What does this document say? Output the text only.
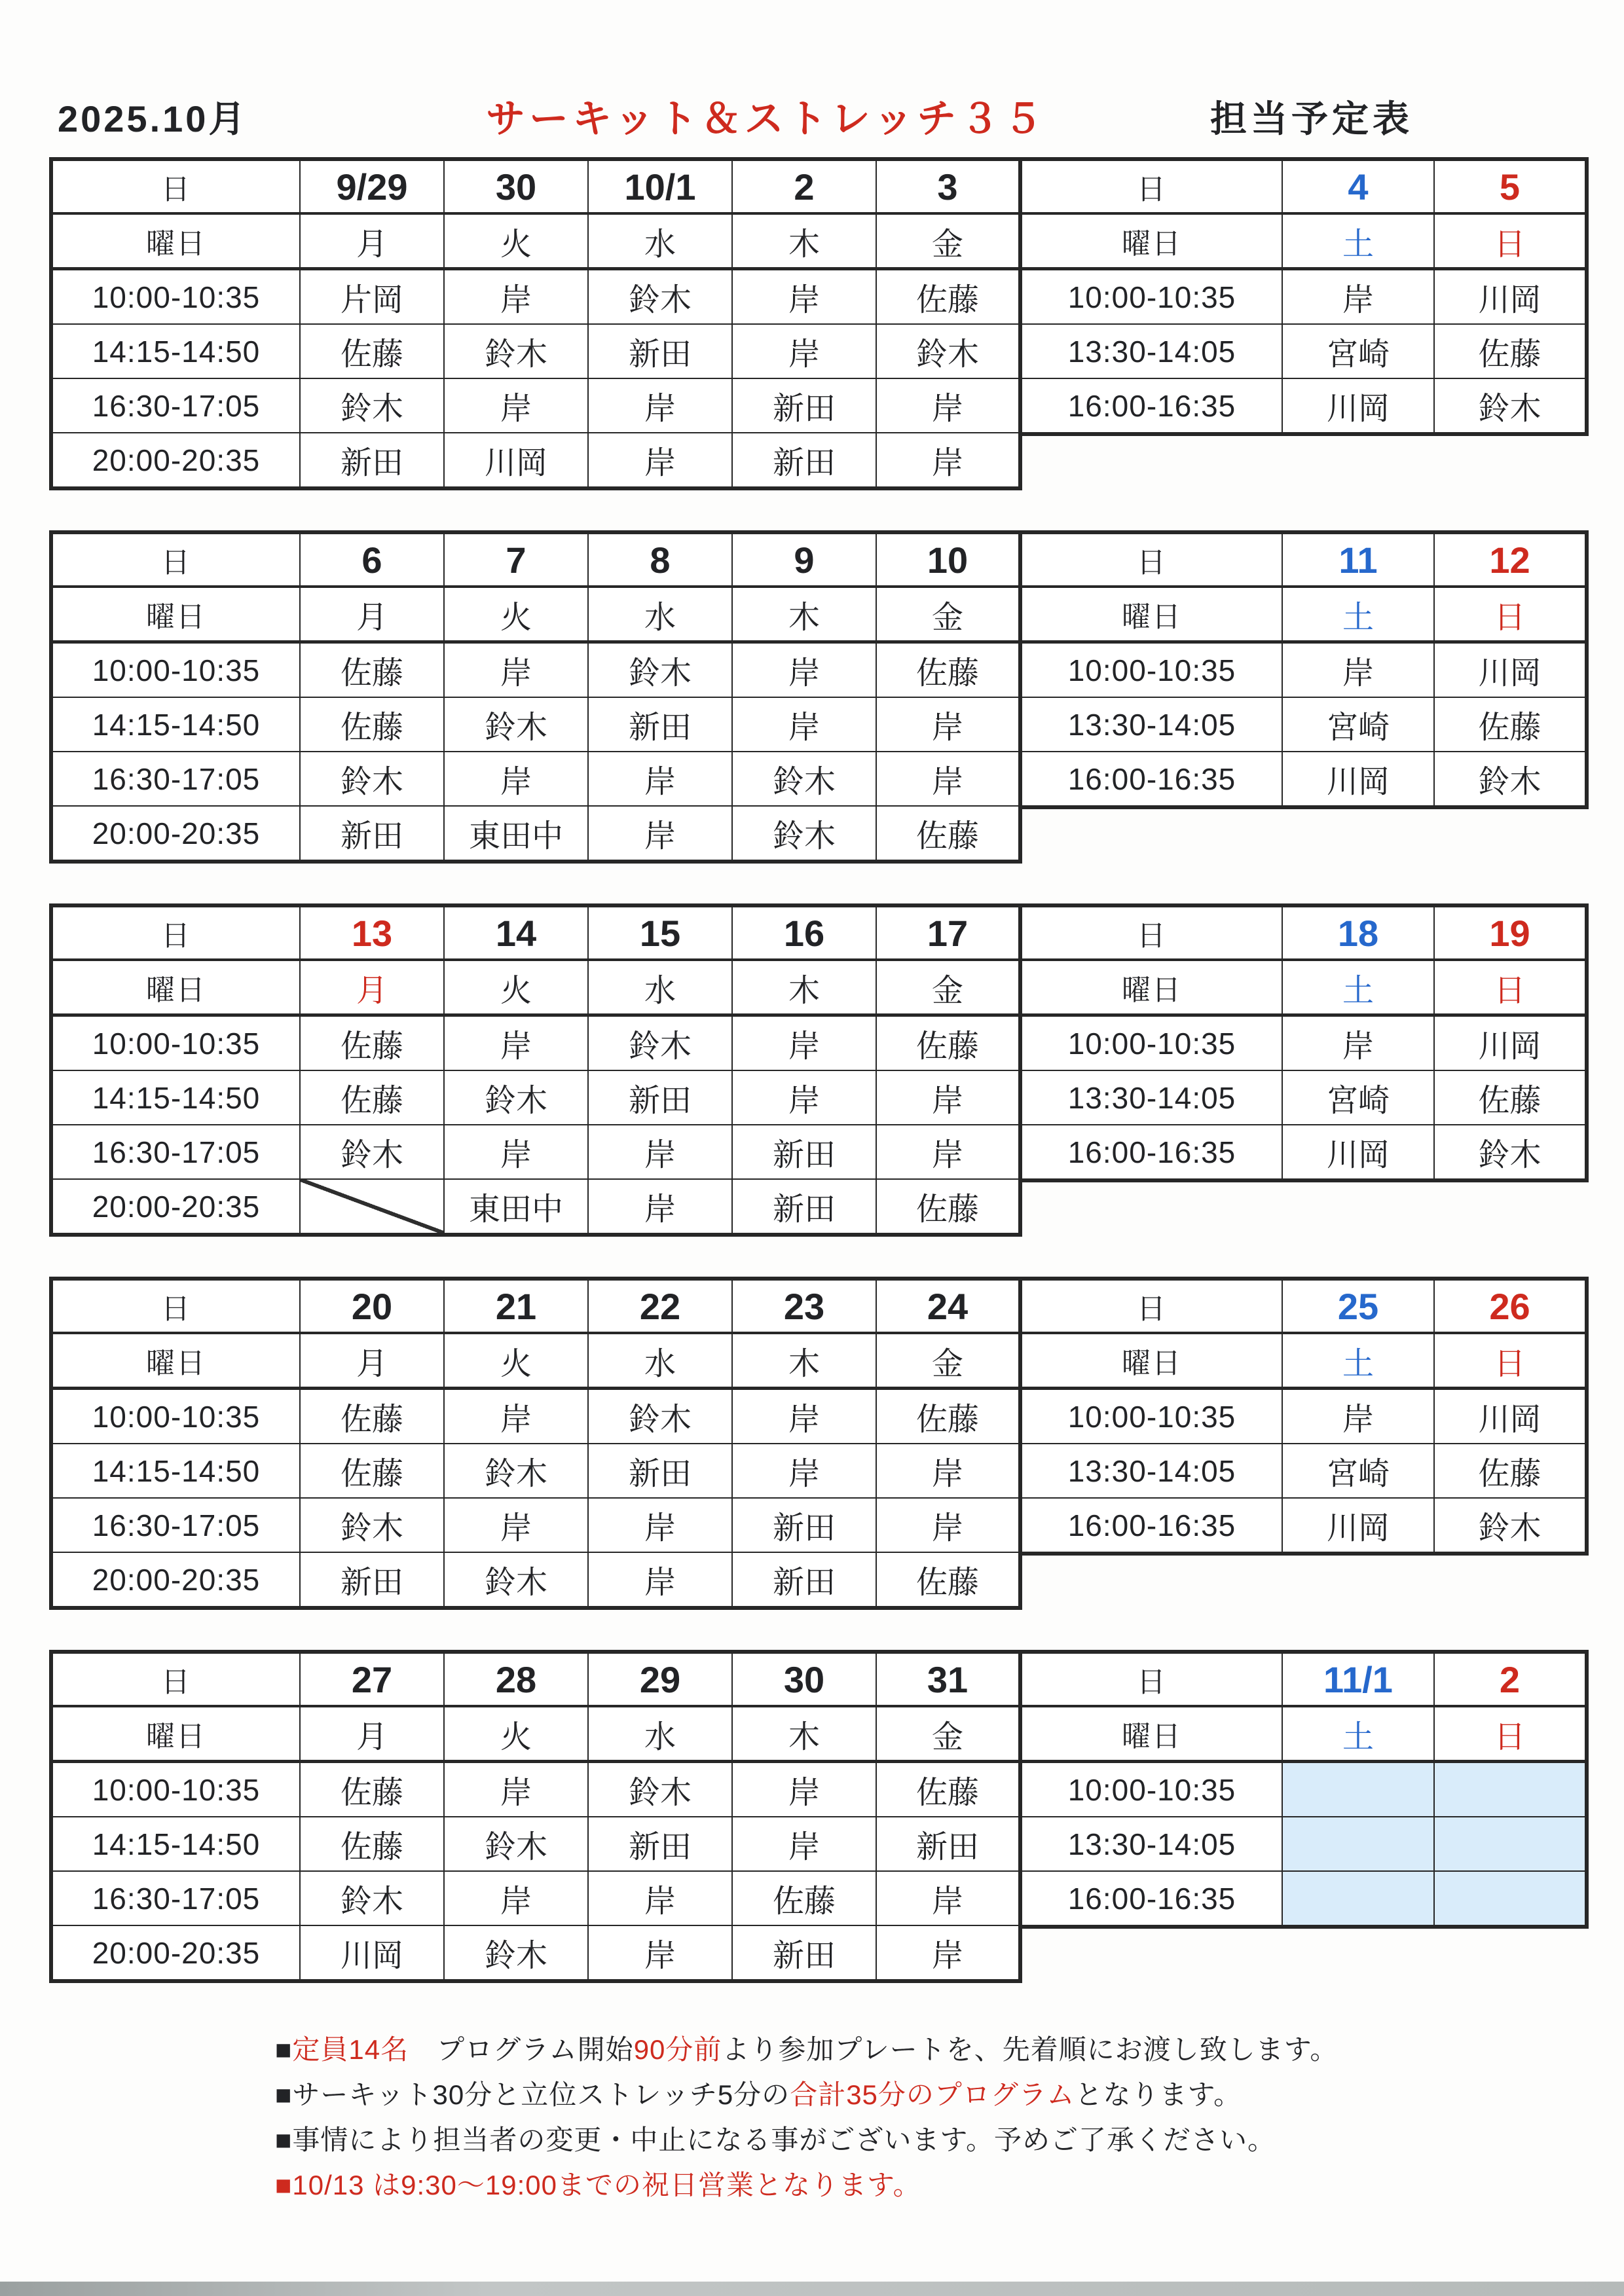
2025.10月	サーキット＆ストレッチ３５	担当予定表
日	9/29	30	10/1	2	3
曜日	月	火	水	木	金
10:00-10:35	片岡	岸	鈴木	岸	佐藤
14:15-14:50	佐藤	鈴木	新田	岸	鈴木
16:30-17:05	鈴木	岸	岸	新田	岸
20:00-20:35	新田	川岡	岸	新田	岸
日	4	5
曜日	土	日
10:00-10:35	岸	川岡
13:30-14:05	宮崎	佐藤
16:00-16:35	川岡	鈴木
日	6	7	8	9	10
曜日	月	火	水	木	金
10:00-10:35	佐藤	岸	鈴木	岸	佐藤
14:15-14:50	佐藤	鈴木	新田	岸	岸
16:30-17:05	鈴木	岸	岸	鈴木	岸
20:00-20:35	新田	東田中	岸	鈴木	佐藤
日	11	12
曜日	土	日
10:00-10:35	岸	川岡
13:30-14:05	宮崎	佐藤
16:00-16:35	川岡	鈴木
日	13	14	15	16	17
曜日	月	火	水	木	金
10:00-10:35	佐藤	岸	鈴木	岸	佐藤
14:15-14:50	佐藤	鈴木	新田	岸	岸
16:30-17:05	鈴木	岸	岸	新田	岸
20:00-20:35		東田中	岸	新田	佐藤
日	18	19
曜日	土	日
10:00-10:35	岸	川岡
13:30-14:05	宮崎	佐藤
16:00-16:35	川岡	鈴木
日	20	21	22	23	24
曜日	月	火	水	木	金
10:00-10:35	佐藤	岸	鈴木	岸	佐藤
14:15-14:50	佐藤	鈴木	新田	岸	岸
16:30-17:05	鈴木	岸	岸	新田	岸
20:00-20:35	新田	鈴木	岸	新田	佐藤
日	25	26
曜日	土	日
10:00-10:35	岸	川岡
13:30-14:05	宮崎	佐藤
16:00-16:35	川岡	鈴木
日	27	28	29	30	31
曜日	月	火	水	木	金
10:00-10:35	佐藤	岸	鈴木	岸	佐藤
14:15-14:50	佐藤	鈴木	新田	岸	新田
16:30-17:05	鈴木	岸	岸	佐藤	岸
20:00-20:35	川岡	鈴木	岸	新田	岸
日	11/1	2
曜日	土	日
10:00-10:35		
13:30-14:05		
16:00-16:35		
■定員14名　プログラム開始90分前より参加プレートを、先着順にお渡し致します。
■サーキット30分と立位ストレッチ5分の合計35分のプログラムとなります。
■事情により担当者の変更・中止になる事がございます。予めご了承ください。
■10/13 は9:30～19:00までの祝日営業となります。
